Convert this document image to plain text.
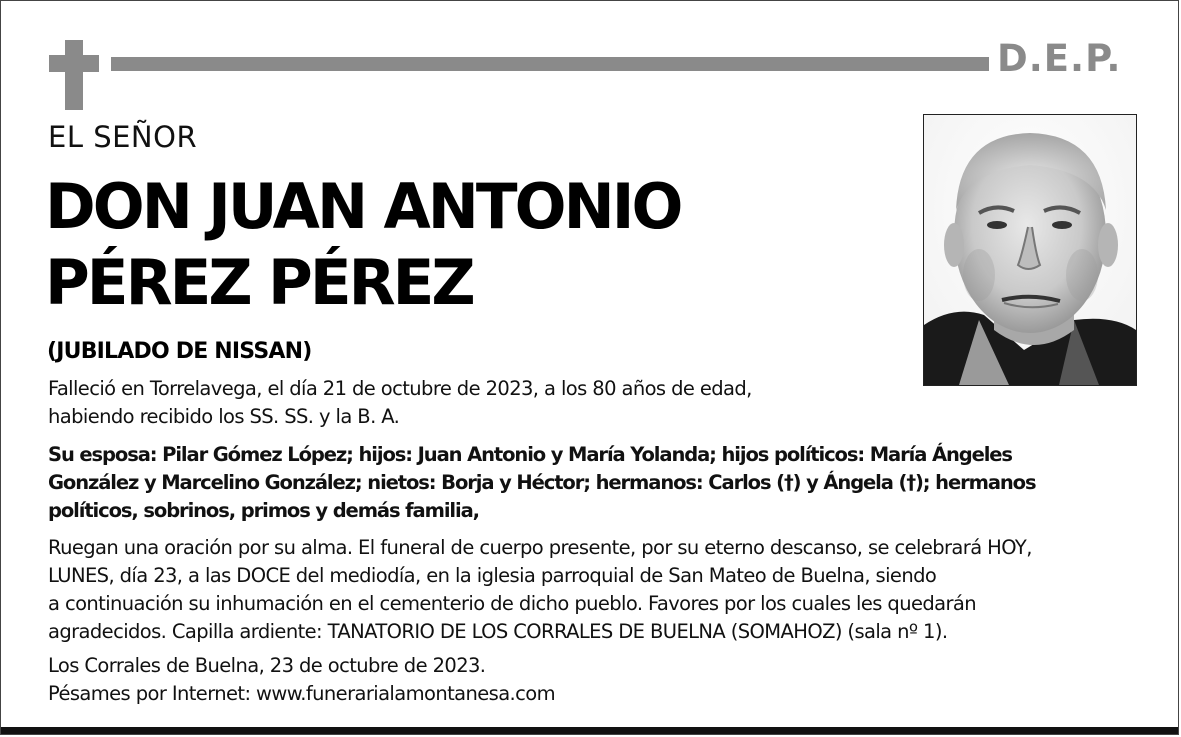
D.E.P.
EL SEÑOR
DON JUAN ANTONIO
PÉREZ PÉREZ
(JUBILADO DE NISSAN)
Falleció en Torrelavega, el día 21 de octubre de 2023, a los 80 años de edad,
habiendo recibido los SS. SS. y la B. A.
Su esposa: Pilar Gómez López; hijos: Juan Antonio y María Yolanda; hijos políticos: María Ángeles
González y Marcelino González; nietos: Borja y Héctor; hermanos: Carlos (†) y Ángela (†); hermanos
políticos, sobrinos, primos y demás familia,
Ruegan una oración por su alma. El funeral de cuerpo presente, por su eterno descanso, se celebrará HOY,
LUNES, día 23, a las DOCE del mediodía, en la iglesia parroquial de San Mateo de Buelna, siendo
a continuación su inhumación en el cementerio de dicho pueblo. Favores por los cuales les quedarán
agradecidos. Capilla ardiente: TANATORIO DE LOS CORRALES DE BUELNA (SOMAHOZ) (sala nº 1).
Los Corrales de Buelna, 23 de octubre de 2023.
Pésames por Internet: www.funerarialamontanesa.com
